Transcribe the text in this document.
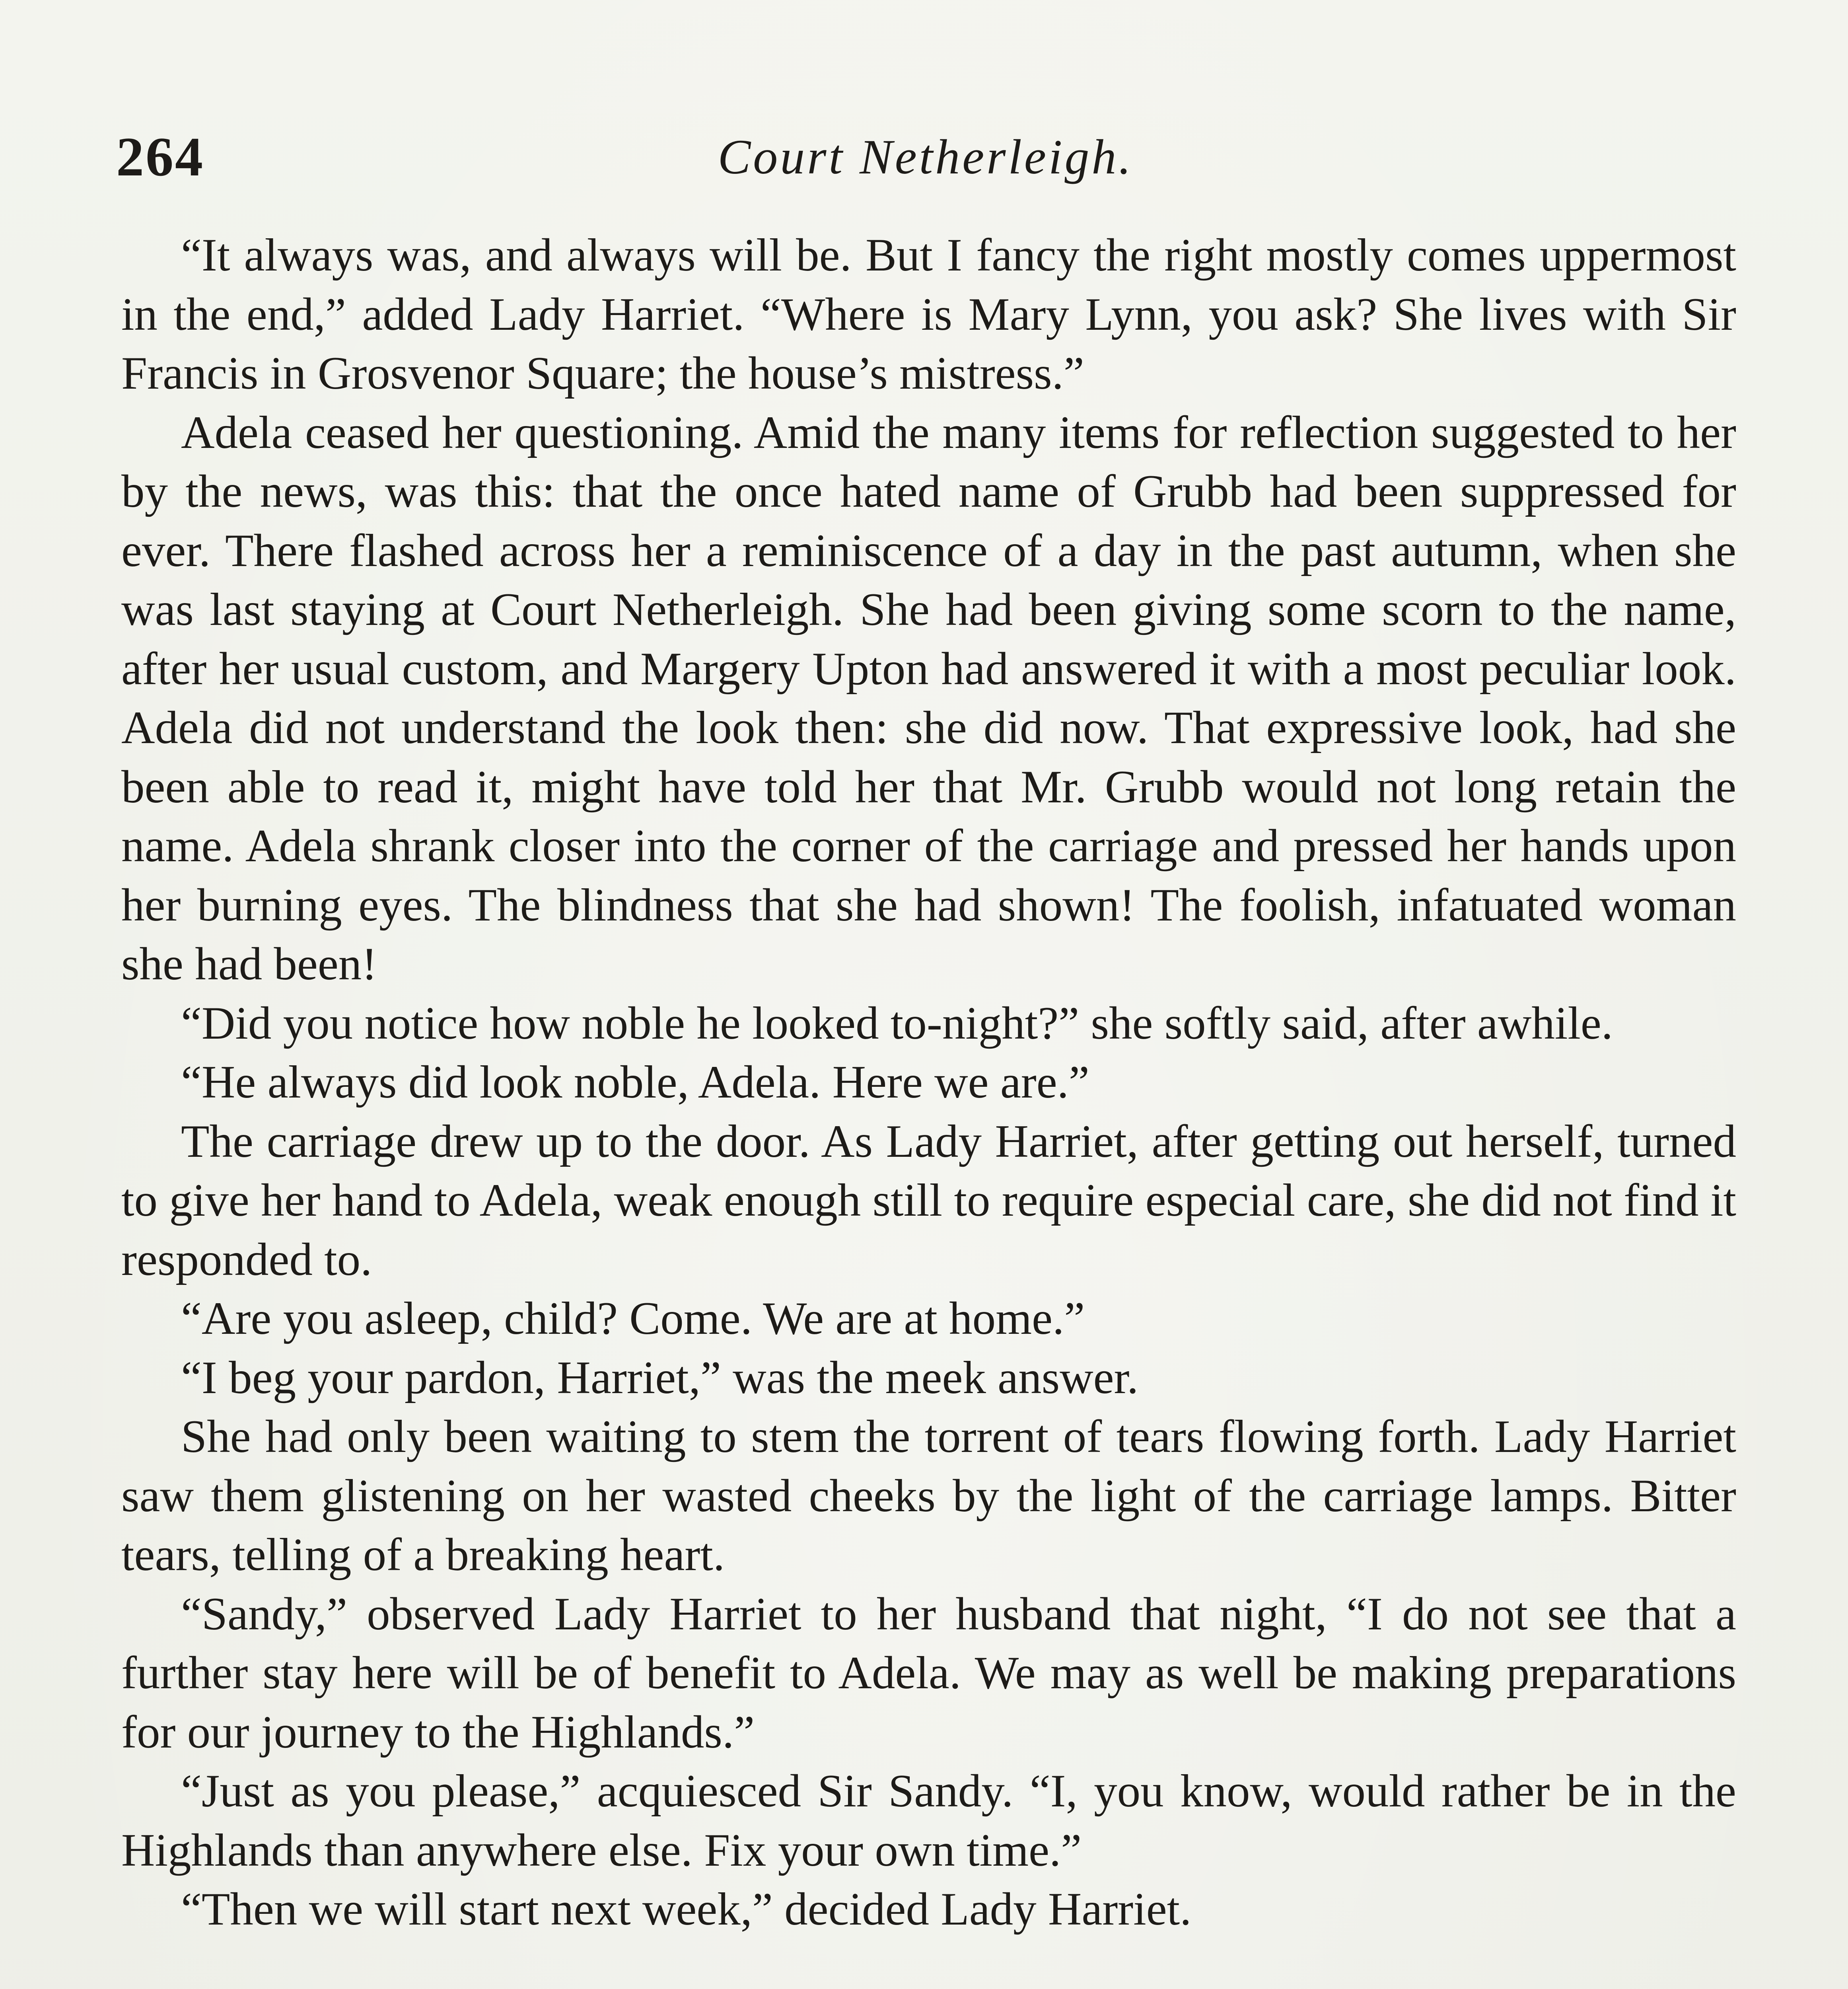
264	Court Netherleigh.

“It always was, and always will be. But I fancy the right mostly comes uppermost in the end,” added Lady Harriet. “Where is Mary Lynn, you ask? She lives with Sir Francis in Grosvenor Square; the house’s mistress.”

Adela ceased her questioning. Amid the many items for reflection suggested to her by the news, was this: that the once hated name of Grubb had been suppressed for ever. There flashed across her a reminiscence of a day in the past autumn, when she was last staying at Court Netherleigh. She had been giving some scorn to the name, after her usual custom, and Margery Upton had answered it with a most peculiar look. Adela did not understand the look then: she did now. That expressive look, had she been able to read it, might have told her that Mr. Grubb would not long retain the name. Adela shrank closer into the corner of the carriage and pressed her hands upon her burning eyes. The blindness that she had shown! The foolish, infatuated woman she had been!

“Did you notice how noble he looked to-night?” she softly said, after awhile.

“He always did look noble, Adela. Here we are.”

The carriage drew up to the door. As Lady Harriet, after getting out herself, turned to give her hand to Adela, weak enough still to require especial care, she did not find it responded to.

“Are you asleep, child? Come. We are at home.”

“I beg your pardon, Harriet,” was the meek answer.

She had only been waiting to stem the torrent of tears flowing forth. Lady Harriet saw them glistening on her wasted cheeks by the light of the carriage lamps. Bitter tears, telling of a breaking heart.

“Sandy,” observed Lady Harriet to her husband that night, “I do not see that a further stay here will be of benefit to Adela. We may as well be making preparations for our journey to the Highlands.”

“Just as you please,” acquiesced Sir Sandy. “I, you know, would rather be in the Highlands than anywhere else. Fix your own time.”

“Then we will start next week,” decided Lady Harriet.
